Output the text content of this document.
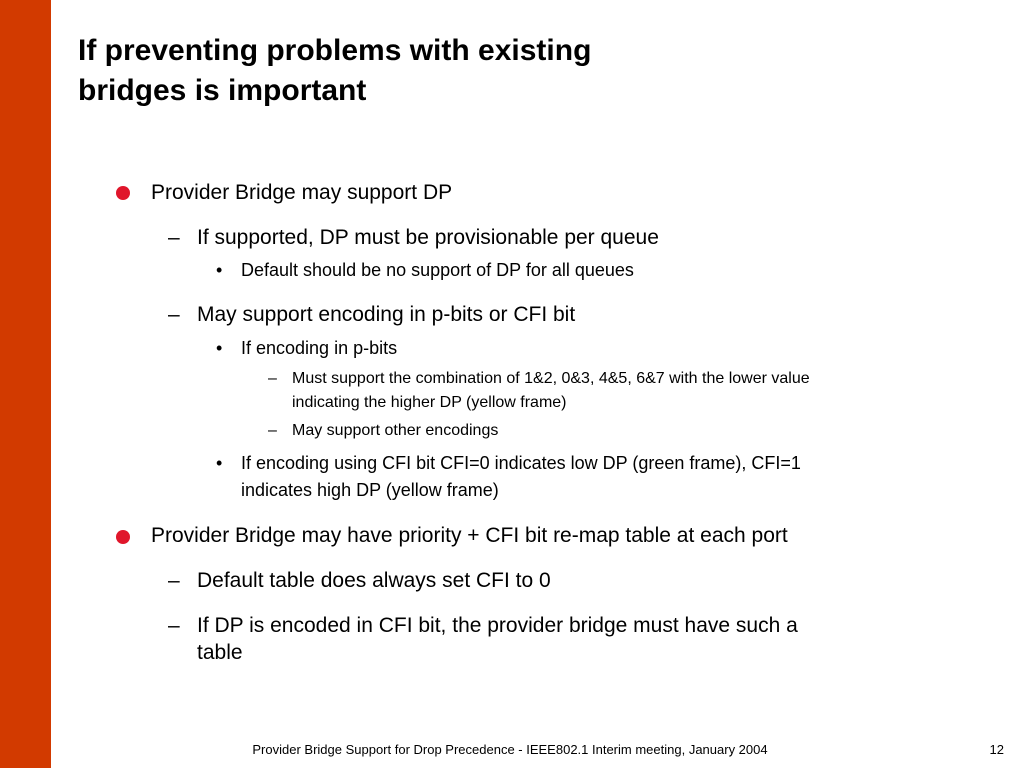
If preventing problems with existing
bridges is important
Provider Bridge may support DP
– If supported, DP must be provisionable per queue
• Default should be no support of DP for all queues
– May support encoding in p-bits or CFI bit
• If encoding in p-bits
– Must support the combination of 1&2, 0&3, 4&5, 6&7 with the lower value
indicating the higher DP (yellow frame)
– May support other encodings
• If encoding using CFI bit CFI=0 indicates low DP (green frame), CFI=1
indicates high DP (yellow frame)
Provider Bridge may have priority + CFI bit re-map table at each port
– Default table does always set CFI to 0
– If DP is encoded in CFI bit, the provider bridge must have such a
table
Provider Bridge Support for Drop Precedence - IEEE802.1 Interim meeting, January 2004	12
